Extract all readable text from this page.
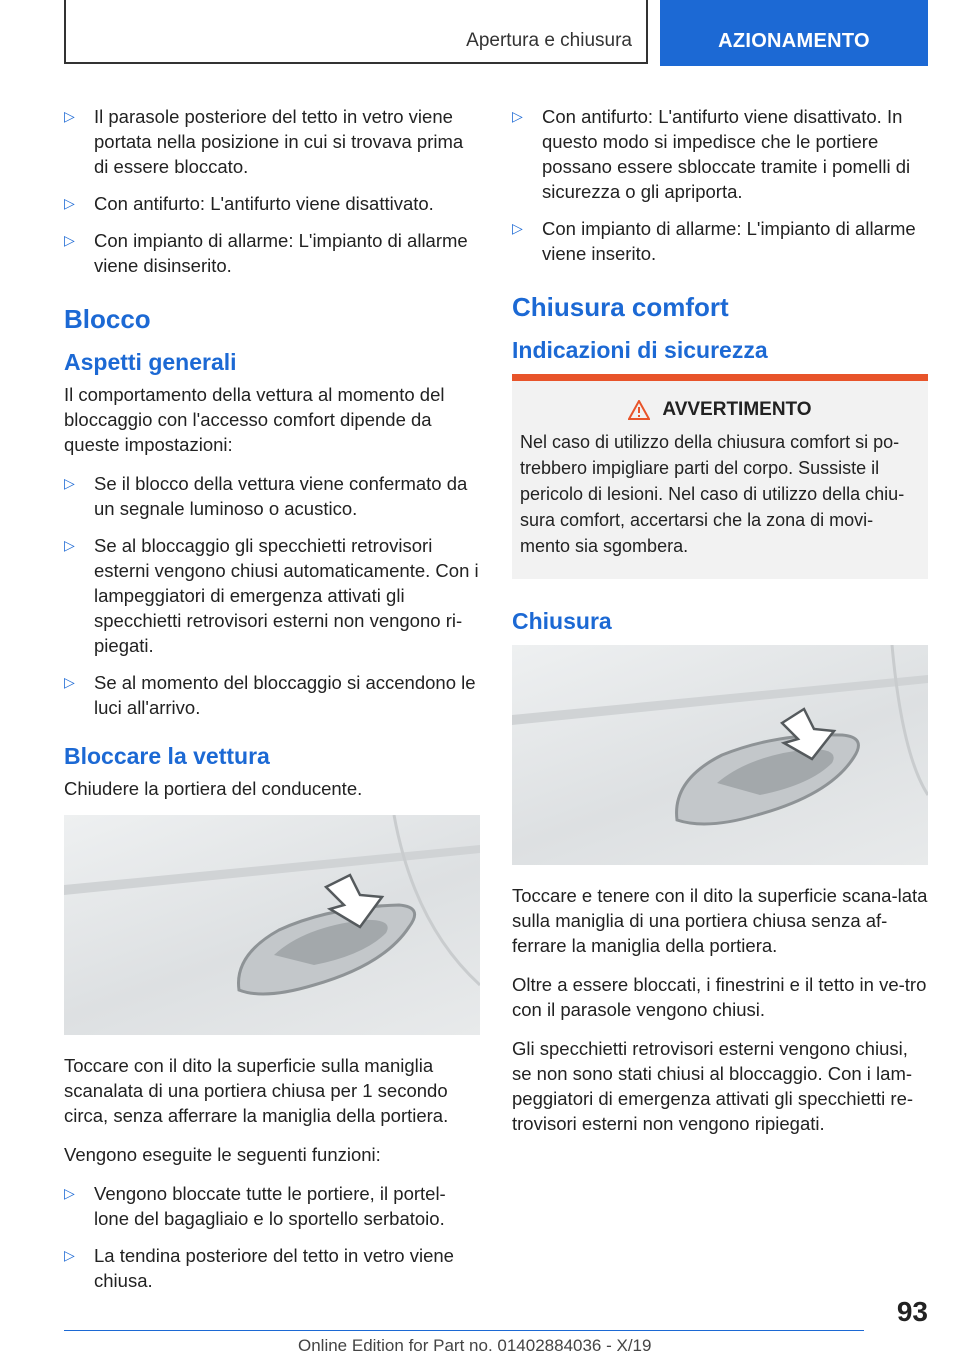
Apertura e chiusura	AZIONAMENTO
▷ Il parasole posteriore del tetto in vetro viene portata nella posizione in cui si trovava prima di essere bloccato.
▷ Con antifurto: L'antifurto viene disattivato.
▷ Con impianto di allarme: L'impianto di allarme viene disinserito.
Blocco
Aspetti generali

Il comportamento della vettura al momento del bloccaggio con l'accesso comfort dipende da queste impostazioni:

▷ Se il blocco della vettura viene confermato da un segnale luminoso o acustico.
▷ Se al bloccaggio gli specchietti retrovisori esterni vengono chiusi automaticamente. Con i lampeggiatori di emergenza attivati gli specchietti retrovisori esterni non vengono ri-piegati.
▷ Se al momento del bloccaggio si accendono le luci all'arrivo.
Bloccare la vettura

Chiudere la portiera del conducente.

Toccare con il dito la superficie sulla maniglia scanalata di una portiera chiusa per 1 secondo circa, senza afferrare la maniglia della portiera.

Vengono eseguite le seguenti funzioni:

▷ Vengono bloccate tutte le portiere, il portel-lone del bagagliaio e lo sportello serbatoio.
▷ La tendina posteriore del tetto in vetro viene chiusa.
▷ Con antifurto: L'antifurto viene disattivato. In questo modo si impedisce che le portiere possano essere sbloccate tramite i pomelli di sicurezza o gli apriporta.
▷ Con impianto di allarme: L'impianto di allarme viene inserito.
Chiusura comfort
Indicazioni di sicurezza
AVVERTIMENTO
Nel caso di utilizzo della chiusura comfort si po-trebbero impigliare parti del corpo. Sussiste il pericolo di lesioni. Nel caso di utilizzo della chiu-sura comfort, accertarsi che la zona di movi-mento sia sgombera.
Chiusura

Toccare e tenere con il dito la superficie scana-lata sulla maniglia di una portiera chiusa senza af-ferrare la maniglia della portiera.

Oltre a essere bloccati, i finestrini e il tetto in ve-tro con il parasole vengono chiusi.

Gli specchietti retrovisori esterni vengono chiusi, se non sono stati chiusi al bloccaggio. Con i lam-peggiatori di emergenza attivati gli specchietti re-trovisori esterni non vengono ripiegati.

93
Online Edition for Part no. 01402884036 - X/19
